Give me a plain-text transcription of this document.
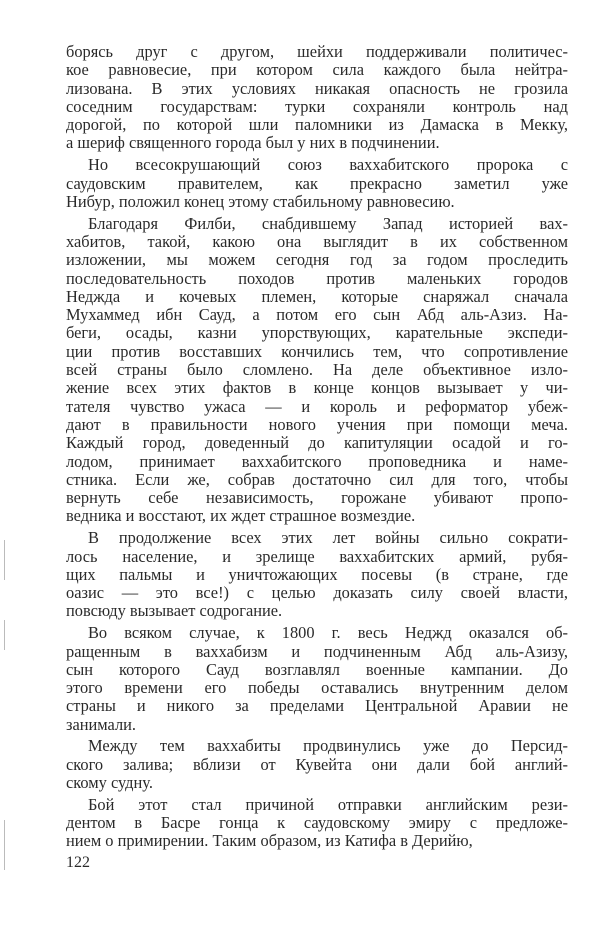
борясь друг с другом, шейхи поддерживали политичес-
кое равновесие, при котором сила каждого была нейтра-
лизована. В этих условиях никакая опасность не грозила
соседним государствам: турки сохраняли контроль над
дорогой, по которой шли паломники из Дамаска в Мекку,
а шериф священного города был у них в подчинении.
Но всесокрушающий союз ваххабитского пророка с
саудовским правителем, как прекрасно заметил уже
Нибур, положил конец этому стабильному равновесию.
Благодаря Филби, снабдившему Запад историей вах-
хабитов, такой, какою она выглядит в их собственном
изложении, мы можем сегодня год за годом проследить
последовательность походов против маленьких городов
Неджда и кочевых племен, которые снаряжал сначала
Мухаммед ибн Сауд, а потом его сын Абд аль-Азиз. На-
беги, осады, казни упорствующих, карательные экспеди-
ции против восставших кончились тем, что сопротивление
всей страны было сломлено. На деле объективное изло-
жение всех этих фактов в конце концов вызывает у чи-
тателя чувство ужаса — и король и реформатор убеж-
дают в правильности нового учения при помощи меча.
Каждый город, доведенный до капитуляции осадой и го-
лодом, принимает ваххабитского проповедника и наме-
стника. Если же, собрав достаточно сил для того, чтобы
вернуть себе независимость, горожане убивают пропо-
ведника и восстают, их ждет страшное возмездие.
В продолжение всех этих лет войны сильно сократи-
лось население, и зрелище ваххабитских армий, рубя-
щих пальмы и уничтожающих посевы (в стране, где
оазис — это все!) с целью доказать силу своей власти,
повсюду вызывает содрогание.
Во всяком случае, к 1800 г. весь Неджд оказался об-
ращенным в ваххабизм и подчиненным Абд аль-Азизу,
сын которого Сауд возглавлял военные кампании. До
этого времени его победы оставались внутренним делом
страны и никого за пределами Центральной Аравии не
занимали.
Между тем ваххабиты продвинулись уже до Персид-
ского залива; вблизи от Кувейта они дали бой англий-
скому судну.
Бой этот стал причиной отправки английским рези-
дентом в Басре гонца к саудовскому эмиру с предложе-
нием о примирении. Таким образом, из Катифа в Дерийю,
122
